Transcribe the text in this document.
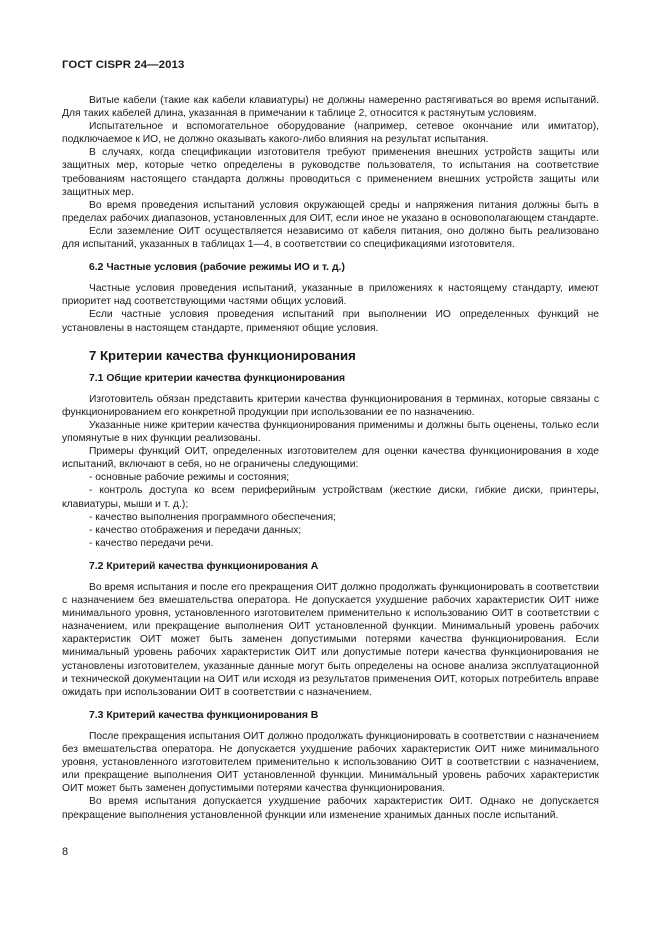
ГОСТ CISPR 24—2013

Витые кабели (такие как кабели клавиатуры) не должны намеренно растягиваться во время испытаний. Для таких кабелей длина, указанная в примечании к таблице 2, относится к растянутым условиям.

Испытательное и вспомогательное оборудование (например, сетевое окончание или имитатор), подключаемое к ИО, не должно оказывать какого-либо влияния на результат испытания.

В случаях, когда спецификации изготовителя требуют применения внешних устройств защиты или защитных мер, которые четко определены в руководстве пользователя, то испытания на соответствие требованиям настоящего стандарта должны проводиться с применением внешних устройств защиты или защитных мер.

Во время проведения испытаний условия окружающей среды и напряжения питания должны быть в пределах рабочих диапазонов, установленных для ОИТ, если иное не указано в основополагающем стандарте.

Если заземление ОИТ осуществляется независимо от кабеля питания, оно должно быть реализовано для испытаний, указанных в таблицах 1—4, в соответствии со спецификациями изготовителя.

6.2 Частные условия (рабочие режимы ИО и т. д.)

Частные условия проведения испытаний, указанные в приложениях к настоящему стандарту, имеют приоритет над соответствующими частями общих условий.

Если частные условия проведения испытаний при выполнении ИО определенных функций не установлены в настоящем стандарте, применяют общие условия.

7 Критерии качества функционирования

7.1 Общие критерии качества функционирования

Изготовитель обязан представить критерии качества функционирования в терминах, которые связаны с функционированием его конкретной продукции при использовании ее по назначению.

Указанные ниже критерии качества функционирования применимы и должны быть оценены, только если упомянутые в них функции реализованы.

Примеры функций ОИТ, определенных изготовителем для оценки качества функционирования в ходе испытаний, включают в себя, но не ограничены следующими:

- основные рабочие режимы и состояния;

- контроль доступа ко всем периферийным устройствам (жесткие диски, гибкие диски, принтеры, клавиатуры, мыши и т. д.);

- качество выполнения программного обеспечения;

- качество отображения и передачи данных;

- качество передачи речи.

7.2 Критерий качества функционирования А

Во время испытания и после его прекращения ОИТ должно продолжать функционировать в соответствии с назначением без вмешательства оператора. Не допускается ухудшение рабочих характеристик ОИТ ниже минимального уровня, установленного изготовителем применительно к использованию ОИТ в соответствии с назначением, или прекращение выполнения ОИТ установленной функции. Минимальный уровень рабочих характеристик ОИТ может быть заменен допустимыми потерями качества функционирования. Если минимальный уровень рабочих характеристик ОИТ или допустимые потери качества функционирования не установлены изготовителем, указанные данные могут быть определены на основе анализа эксплуатационной и технической документации на ОИТ или исходя из результатов применения ОИТ, которых потребитель вправе ожидать при использовании ОИТ в соответствии с назначением.

7.3 Критерий качества функционирования В

После прекращения испытания ОИТ должно продолжать функционировать в соответствии с назначением без вмешательства оператора. Не допускается ухудшение рабочих характеристик ОИТ ниже минимального уровня, установленного изготовителем применительно к использованию ОИТ в соответствии с назначением, или прекращение выполнения ОИТ установленной функции. Минимальный уровень рабочих характеристик ОИТ может быть заменен допустимыми потерями качества функционирования.

Во время испытания допускается ухудшение рабочих характеристик ОИТ. Однако не допускается прекращение выполнения установленной функции или изменение хранимых данных после испытаний.

8
